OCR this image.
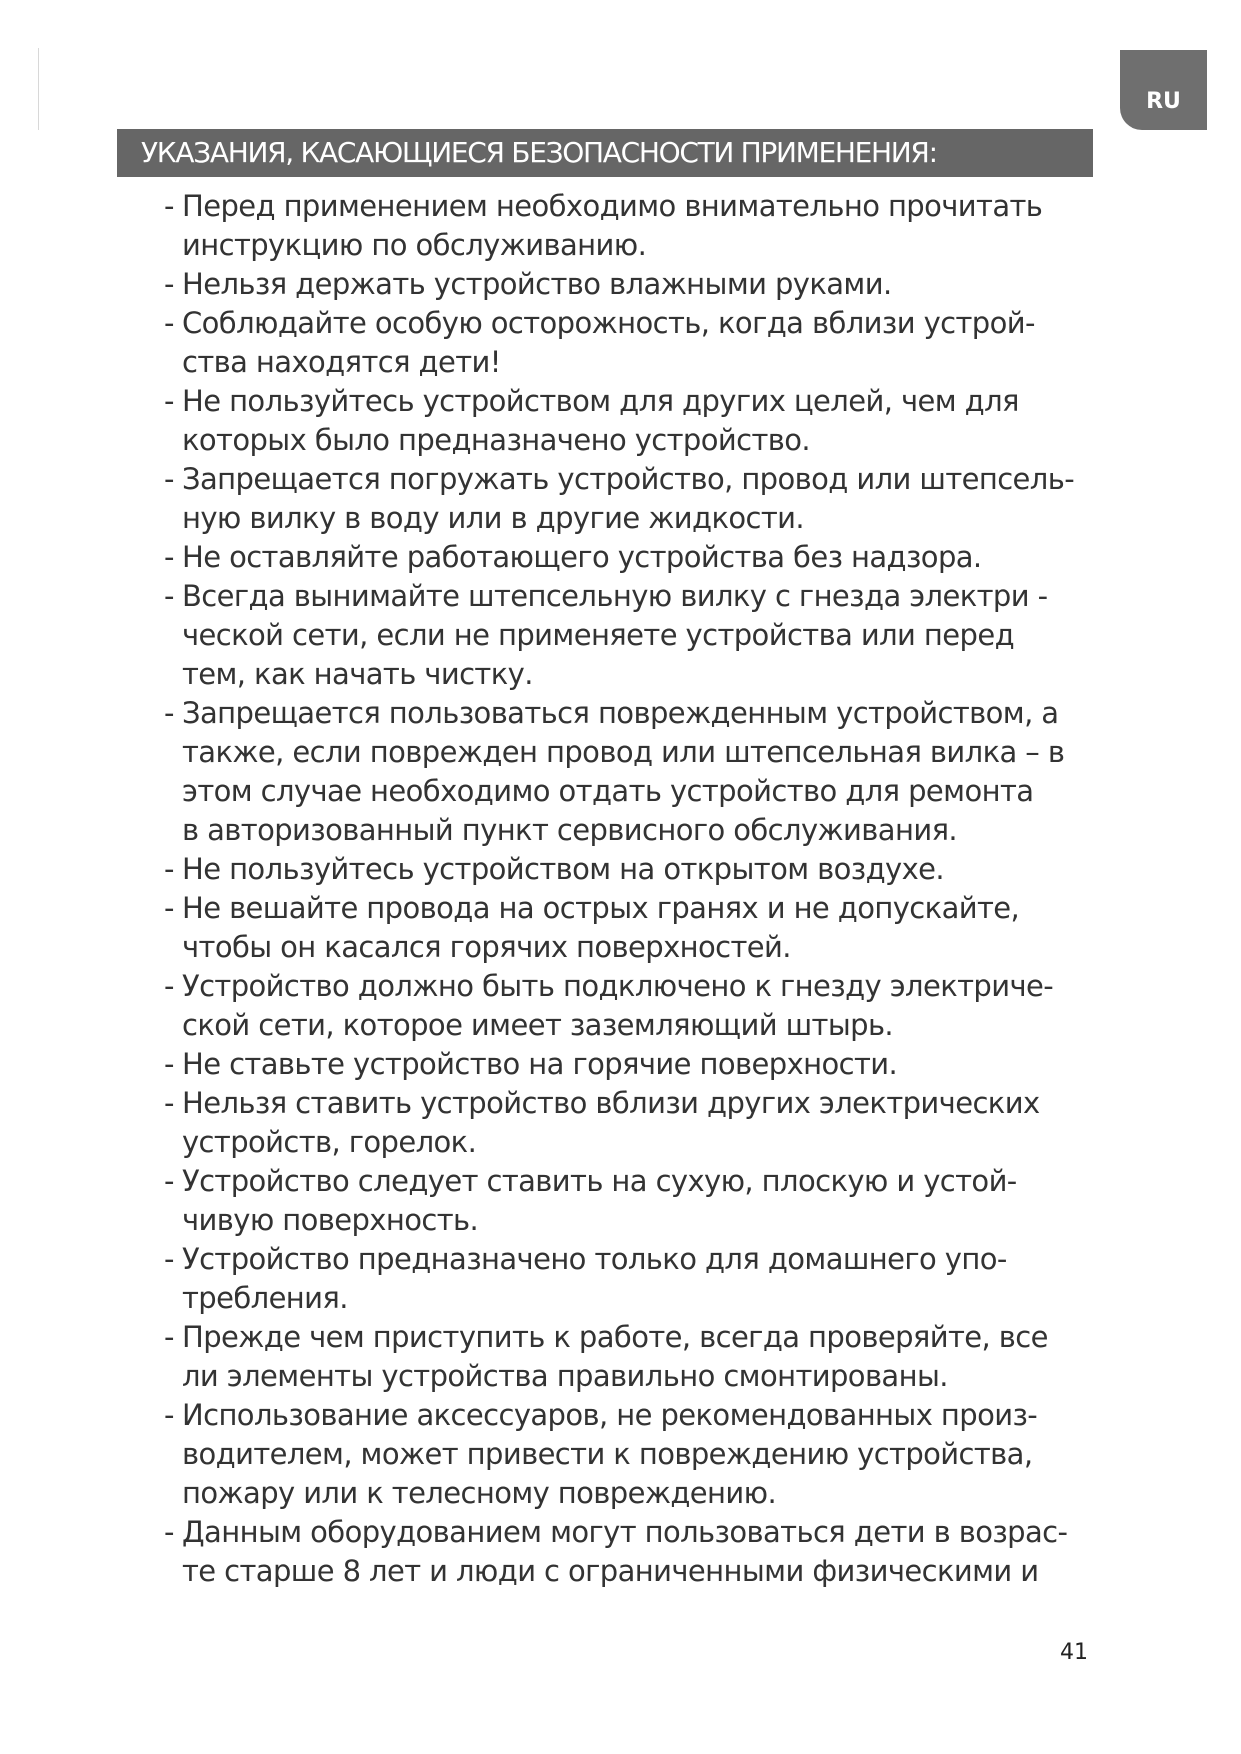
RU
УКАЗАНИЯ, КАСАЮЩИЕСЯ БЕЗОПАСНОСТИ ПРИМЕНЕНИЯ:
- Перед применением необходимо внимательно прочитать
инструкцию по обслуживанию.
- Нельзя держать устройство влажными руками.
- Соблюдайте особую осторожность, когда вблизи устрой-
ства находятся дети!
- Не пользуйтесь устройством для других целей, чем для
которых было предназначено устройство.
- Запрещается погружать устройство, провод или штепсель-
ную вилку в воду или в другие жидкости.
- Не оставляйте работающего устройства без надзора.
- Всегда вынимайте штепсельную вилку с гнезда электри -
ческой сети, если не применяете устройства или перед
тем, как начать чистку.
- Запрещается пользоваться поврежденным устройством, а
также, если поврежден провод или штепсельная вилка – в
этом случае необходимо отдать устройство для ремонта
в авторизованный пункт сервисного обслуживания.
- Не пользуйтесь устройством на открытом воздухе.
- Не вешайте провода на острых гранях и не допускайте,
чтобы он касался горячих поверхностей.
- Устройство должно быть подключено к гнезду электриче-
ской сети, которое имеет заземляющий штырь.
- Не ставьте устройство на горячие поверхности.
- Нельзя ставить устройство вблизи других электрических
устройств, горелок.
- Устройство следует ставить на сухую, плоскую и устой-
чивую поверхность.
- Устройство предназначено только для домашнего упо-
требления.
- Прежде чем приступить к работе, всегда проверяйте, все
ли элементы устройства правильно смонтированы.
- Использование аксессуаров, не рекомендованных произ-
водителем, может привести к повреждению устройства,
пожару или к телесному повреждению.
- Данным оборудованием могут пользоваться дети в возрас-
те старше 8 лет и люди с ограниченными физическими и
41
